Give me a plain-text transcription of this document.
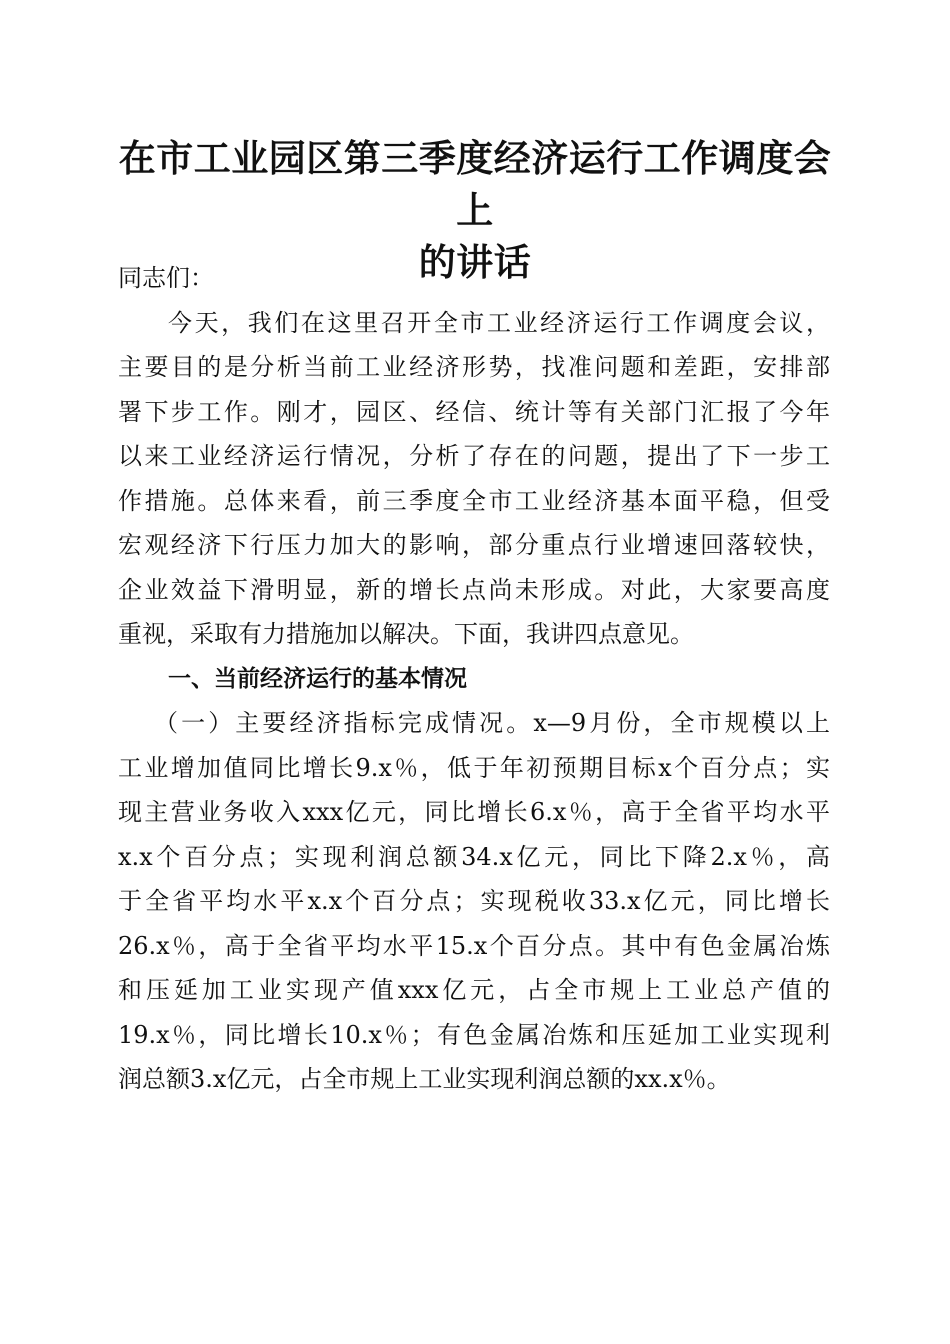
在市工业园区第三季度经济运行工作调度会上
的讲话
同志们：
今天，我们在这里召开全市工业经济运行工作调度会议，
主要目的是分析当前工业经济形势，找准问题和差距，安排部
署下步工作。刚才，园区、经信、统计等有关部门汇报了今年
以来工业经济运行情况，分析了存在的问题，提出了下一步工
作措施。总体来看，前三季度全市工业经济基本面平稳，但受
宏观经济下行压力加大的影响，部分重点行业增速回落较快，
企业效益下滑明显，新的增长点尚未形成。对此，大家要高度
重视，采取有力措施加以解决。下面，我讲四点意见。
一、当前经济运行的基本情况
（一）主要经济指标完成情况。x—9月份，全市规模以上
工业增加值同比增长9.x％，低于年初预期目标x个百分点；实
现主营业务收入xxx亿元，同比增长6.x％，高于全省平均水平
x.x个百分点；实现利润总额34.x亿元，同比下降2.x％，高
于全省平均水平x.x个百分点；实现税收33.x亿元，同比增长
26.x％，高于全省平均水平15.x个百分点。其中有色金属冶炼
和压延加工业实现产值xxx亿元，占全市规上工业总产值的
19.x％，同比增长10.x％；有色金属冶炼和压延加工业实现利
润总额3.x亿元，占全市规上工业实现利润总额的xx.x％。
